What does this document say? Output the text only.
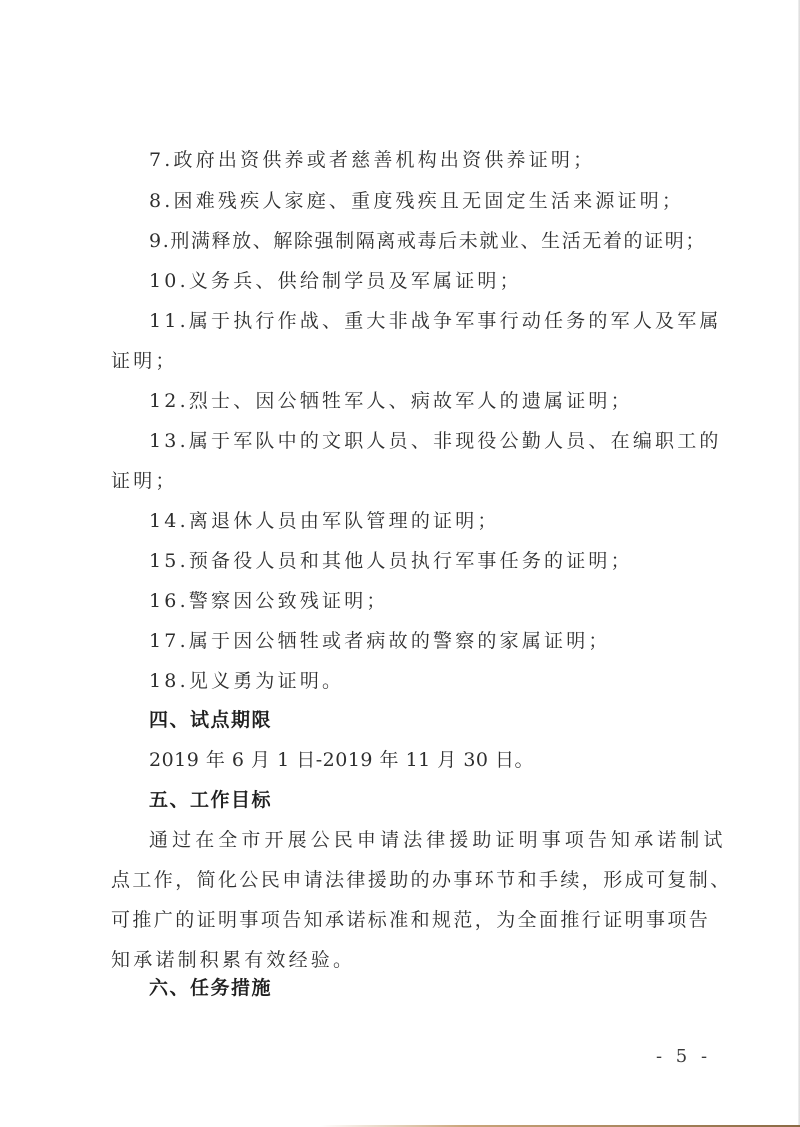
7.政府出资供养或者慈善机构出资供养证明；
8.困难残疾人家庭、重度残疾且无固定生活来源证明；
9.刑满释放、解除强制隔离戒毒后未就业、生活无着的证明；
10.义务兵、供给制学员及军属证明；
11.属于执行作战、重大非战争军事行动任务的军人及军属
证明；
12.烈士、因公牺牲军人、病故军人的遗属证明；
13.属于军队中的文职人员、非现役公勤人员、在编职工的
证明；
14.离退休人员由军队管理的证明；
15.预备役人员和其他人员执行军事任务的证明；
16.警察因公致残证明；
17.属于因公牺牲或者病故的警察的家属证明；
18.见义勇为证明。
四、试点期限
2019 年 6 月 1 日-2019 年 11 月 30 日。
五、工作目标
通过在全市开展公民申请法律援助证明事项告知承诺制试
点工作，简化公民申请法律援助的办事环节和手续，形成可复制、
可推广的证明事项告知承诺标准和规范，为全面推行证明事项告
知承诺制积累有效经验。
六、任务措施
- 5 -
